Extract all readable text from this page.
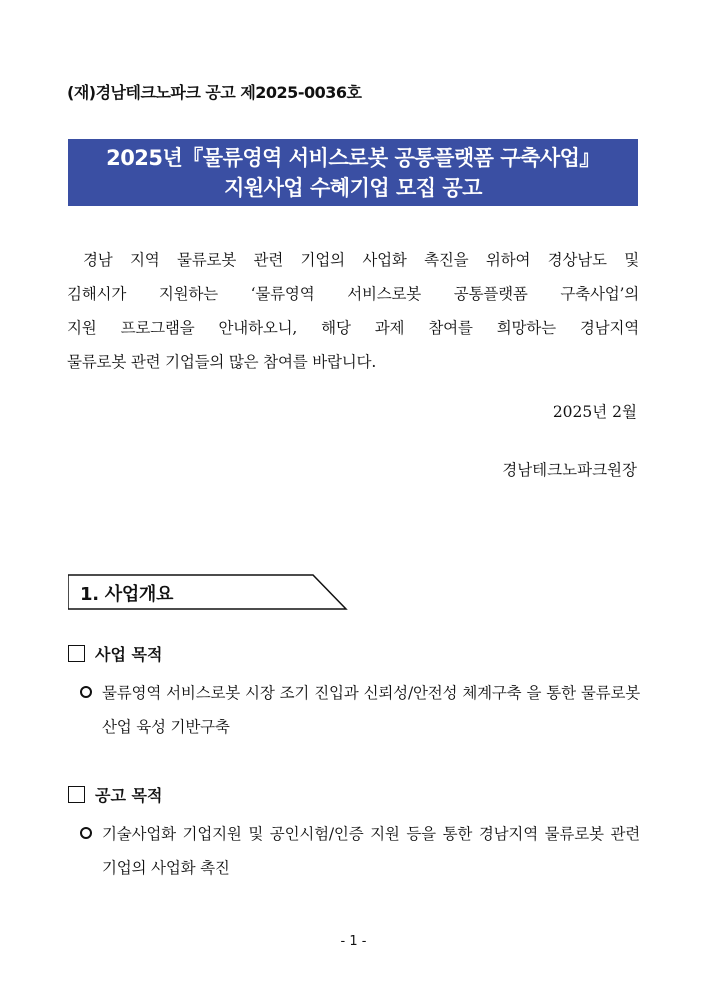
(재)경남테크노파크 공고 제2025-0036호
2025년『물류영역 서비스로봇 공통플랫폼 구축사업』
지원사업 수혜기업 모집 공고
경남 지역 물류로봇 관련 기업의 사업화 촉진을 위하여 경상남도 및
김해시가 지원하는 ‘물류영역 서비스로봇 공통플랫폼 구축사업’의
지원 프로그램을 안내하오니, 해당 과제 참여를 희망하는 경남지역
물류로봇 관련 기업들의 많은 참여를 바랍니다.
2025년 2월
경남테크노파크원장
1. 사업개요
사업 목적
물류영역 서비스로봇 시장 조기 진입과 신뢰성/안전성 체계구축 을 통한 물류로봇 산업 육성 기반구축
공고 목적
기술사업화 기업지원 및 공인시험/인증 지원 등을 통한 경남지역 물류로봇 관련 기업의 사업화 촉진
- 1 -
